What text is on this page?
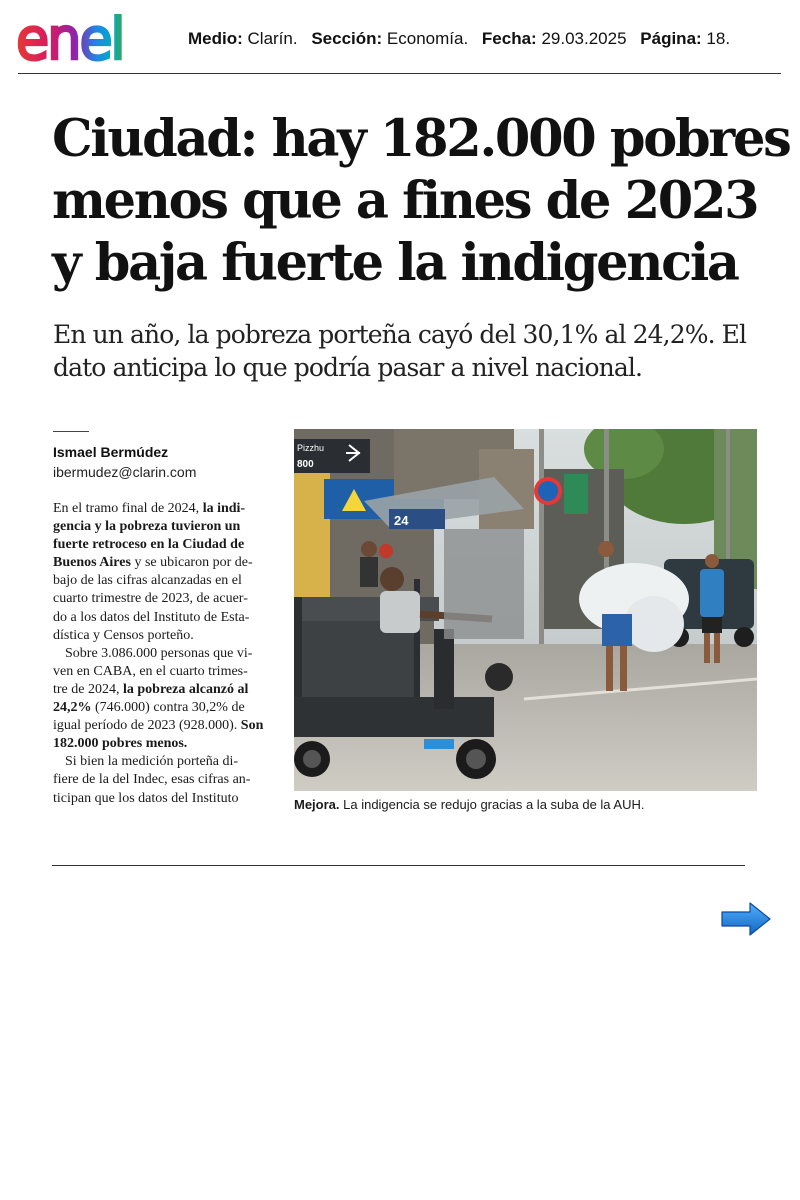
enel	Medio: Clarín. Sección: Economía. Fecha: 29.03.2025 Página: 18.
Ciudad: hay 182.000 pobres
menos que a fines de 2023
y baja fuerte la indigencia

En un año, la pobreza porteña cayó del 30,1% al 24,2%. El
dato anticipa lo que podría pasar a nivel nacional.

Ismael Bermúdez
ibermudez@clarin.com
En el tramo final de 2024, la indi-
gencia y la pobreza tuvieron un
fuerte retroceso en la Ciudad de
Buenos Aires y se ubicaron por de-
bajo de las cifras alcanzadas en el
cuarto trimestre de 2023, de acuer-
do a los datos del Instituto de Esta-
dística y Censos porteño.
Sobre 3.086.000 personas que vi-
ven en CABA, en el cuarto trimes-
tre de 2024, la pobreza alcanzó al
24,2% (746.000) contra 30,2% de
igual período de 2023 (928.000). Son
182.000 pobres menos.
Si bien la medición porteña di-
fiere de la del Indec, esas cifras an-
ticipan que los datos del Instituto
Pizzhu
800
24
Mejora. La indigencia se redujo gracias a la suba de la AUH.
